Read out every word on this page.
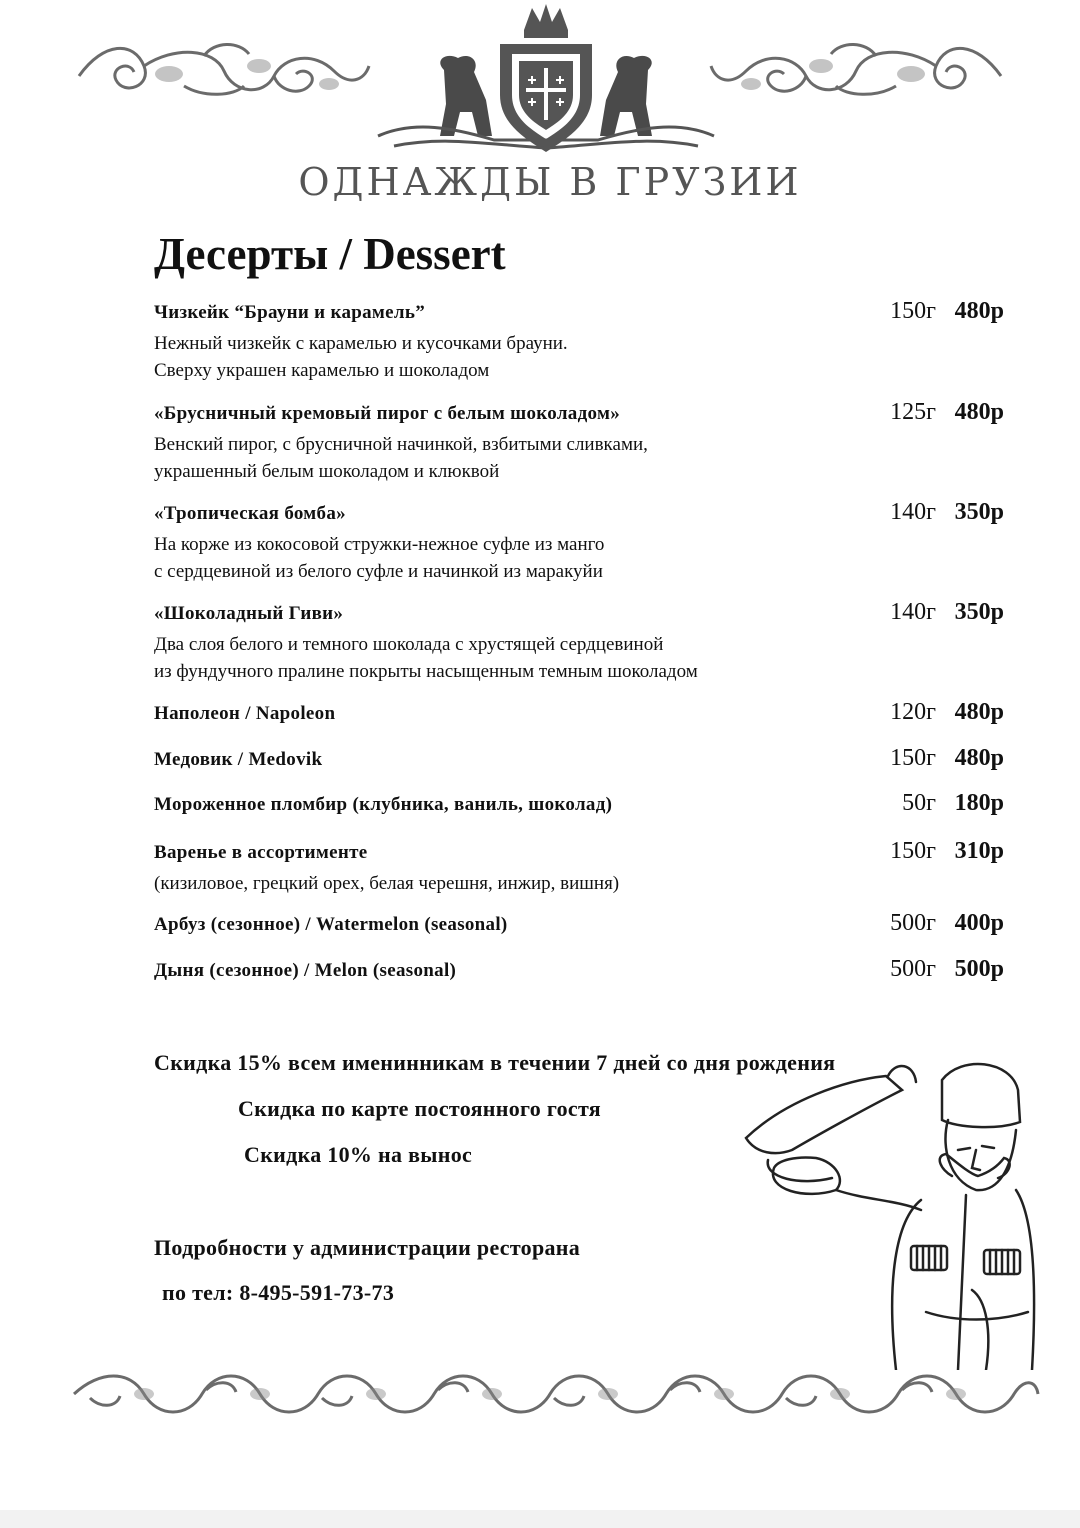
ОДНАЖДЫ В ГРУЗИИ
Десерты / Dessert
Чизкейк “Брауни и карамель”	150г 480р
Нежный чизкейк с карамелью и кусочками брауни.
Сверху украшен карамелью и шоколадом
«Брусничный кремовый пирог с белым шоколадом»	125г 480р
Венский пирог, с брусничной начинкой, взбитыми сливками,
украшенный белым шоколадом и клюквой
«Тропическая бомба»	140г 350р
На корже из кокосовой стружки-нежное суфле из манго
с сердцевиной из белого суфле и начинкой из маракуйи
«Шоколадный Гиви»	140г 350р
Два слоя белого и темного шоколада с хрустящей сердцевиной
из фундучного пралине покрыты насыщенным темным шоколадом
Наполеон / Napoleon	120г 480р
Медовик / Medovik	150г 480р
Мороженное пломбир (клубника, ваниль, шоколад)	50г 180р
Варенье в ассортименте	150г 310р
(кизиловое, грецкий орех, белая черешня, инжир, вишня)
Арбуз (сезонное) / Watermelon (seasonal)	500г 400р
Дыня (сезонное) / Melon (seasonal)	500г 500р
Скидка 15% всем именинникам в течении 7 дней со дня рождения
Скидка по карте постоянного гостя
Скидка 10% на вынос
Подробности у администрации ресторана
по тел: 8-495-591-73-73
